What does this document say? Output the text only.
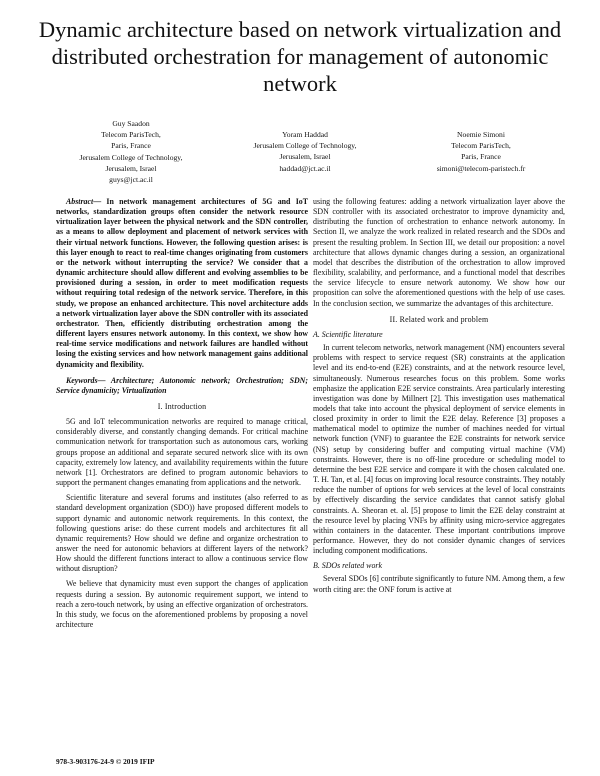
Dynamic architecture based on network virtualization and distributed orchestration for management of autonomic network
Guy Saadon
Telecom ParisTech,
Paris, France
Jerusalem College of Technology,
Jerusalem, Israel
guys@jct.ac.il
Yoram Haddad
Jerusalem College of Technology,
Jerusalem, Israel
haddad@jct.ac.il
Noemie Simoni
Telecom ParisTech,
Paris, France
simoni@telecom-paristech.fr

Abstract— In network management architectures of 5G and IoT networks, standardization groups often consider the network resource virtualization layer between the physical network and the SDN controller, as a means to allow deployment and placement of network services with their virtual network functions. However, the following question arises: is this layer enough to react to real-time changes originating from customers or the network without interrupting the service? We consider that a dynamic architecture should allow different and evolving assemblies to be provisioned during a session, in order to meet modification requests without requiring total redesign of the network service. Therefore, in this study, we propose an enhanced architecture. This novel architecture adds a network virtualization layer above the SDN controller with its associated orchestrator. Then, efficiently distributing orchestration among the different layers ensures network autonomy. In this context, we show how real-time service modifications and network failures are handled without losing the existing services and how network management gains additional dynamicity and flexibility.

Keywords— Architecture; Autonomic network; Orchestration; SDN; Service dynamicity; Virtualization

I. Introduction

5G and IoT telecommunication networks are required to manage critical, considerably diverse, and constantly changing demands. For critical machine communication network for transportation such as autonomous cars, working groups propose an additional and separate secured network slice with its own capacity, extremely low latency, and availability requirements within the future network [1]. Orchestrators are defined to program autonomic behaviors to support the permanent changes emanating from applications and the network.

Scientific literature and several forums and institutes (also referred to as standard development organization (SDO)) have proposed different models to support dynamic and autonomic network requirements. In this context, the following questions arise: do these current models and architectures fit all dynamic requirements? How should we define and organize orchestration to answer the need for autonomic behaviors at different layers of the network? How should the different functions interact to allow a continuous service flow without disruption?

We believe that dynamicity must even support the changes of application requests during a session. By autonomic requirement support, we intend to reach a zero-touch network, by using an effective organization of orchestrators. In this study, we focus on the aforementioned problems by proposing a novel architecture

using the following features: adding a network virtualization layer above the SDN controller with its associated orchestrator to improve dynamicity and, distributing the function of orchestration to enhance network autonomy. In Section II, we analyze the work realized in related research and the SDOs and present the resulting problem. In Section III, we detail our proposition: a novel architecture that allows dynamic changes during a session, an organizational model that describes the distribution of the orchestration to allow improved flexibility, scalability, and performance, and a functional model that describes the service lifecycle to ensure network autonomy. We show how our proposition can solve the aforementioned questions with the help of use cases. In the conclusion section, we summarize the advantages of this architecture.

II. Related work and problem
A. Scientific literature

In current telecom networks, network management (NM) encounters several problems with respect to service request (SR) constraints at the application level and its end-to-end (E2E) constraints, and at the network resource level, simultaneously. Numerous researches focus on this problem. Some works emphasize the application E2E service constraints. Area particularly interesting investigation was done by Millnert [2]. This investigation uses mathematical models that take into account the physical deployment of service elements in closed proximity in order to limit the E2E delay. Reference [3] proposes a mathematical model to optimize the number of machines needed for virtual network function (VNF) to guarantee the E2E constraints for network service (NS) setup by considering buffer and computing virtual machine (VM) constraints. However, there is no off-line procedure or scheduling model to determine the best E2E service and compare it with the chosen calculated one. T. H. Tan, et al. [4] focus on improving local resource constraints. They notably reduce the number of options for web services at the level of local constraints by effectively discarding the service candidates that cannot satisfy global constraints. A. Sheoran et. al. [5] propose to limit the E2E delay constraint at the resource level by placing VNFs by affinity using micro-service aggregates within containers in the datacenter. These important contributions improve performance. However, they do not consider dynamic changes of services including component modifications.

B. SDOs related work

Several SDOs [6] contribute significantly to future NM. Among them, a few worth citing are: the ONF forum is active at

978-3-903176-24-9 © 2019 IFIP
